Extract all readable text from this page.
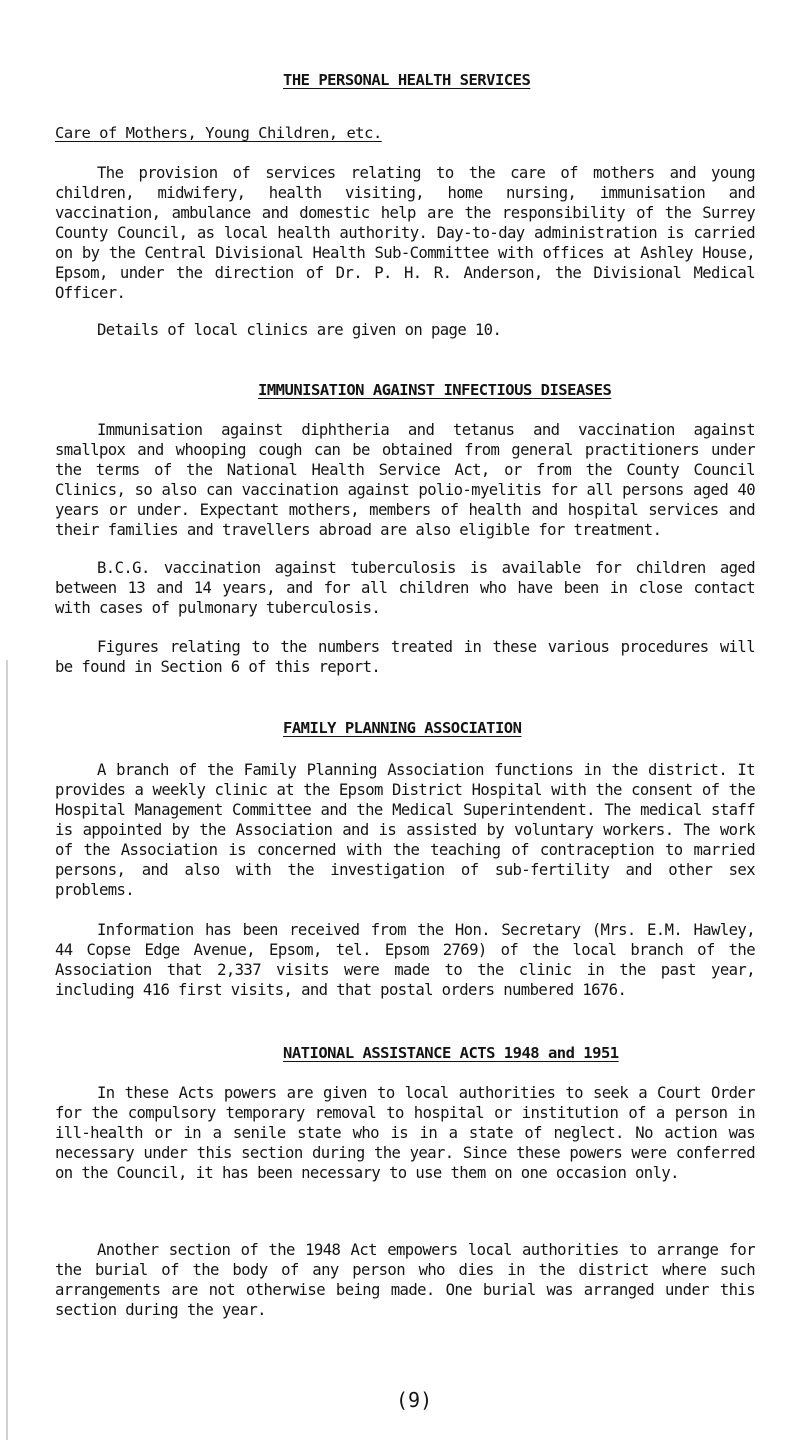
THE PERSONAL HEALTH SERVICES
Care of Mothers, Young Children, etc.
The provision of services relating to the care of mothers and young children, midwifery, health visiting, home nursing, immunisation and vaccination, ambulance and domestic help are the responsibility of the Surrey County Council, as local health authority. Day-to-day administration is carried on by the Central Divisional Health Sub-Committee with offices at Ashley House, Epsom, under the direction of Dr. P. H. R. Anderson, the Divisional Medical Officer.
Details of local clinics are given on page 10.
IMMUNISATION AGAINST INFECTIOUS DISEASES
Immunisation against diphtheria and tetanus and vaccination against smallpox and whooping cough can be obtained from general practitioners under the terms of the National Health Service Act, or from the County Council Clinics, so also can vaccination against polio-myelitis for all persons aged 40 years or under. Expectant mothers, members of health and hospital services and their families and travellers abroad are also eligible for treatment.
B.C.G. vaccination against tuberculosis is available for children aged between 13 and 14 years, and for all children who have been in close contact with cases of pulmonary tuberculosis.
Figures relating to the numbers treated in these various procedures will be found in Section 6 of this report.
FAMILY PLANNING ASSOCIATION
A branch of the Family Planning Association functions in the district. It provides a weekly clinic at the Epsom District Hospital with the consent of the Hospital Management Committee and the Medical Superintendent. The medical staff is appointed by the Association and is assisted by voluntary workers. The work of the Association is concerned with the teaching of contraception to married persons, and also with the investigation of sub-fertility and other sex problems.
Information has been received from the Hon. Secretary (Mrs. E.M. Hawley, 44 Copse Edge Avenue, Epsom, tel. Epsom 2769) of the local branch of the Association that 2,337 visits were made to the clinic in the past year, including 416 first visits, and that postal orders numbered 1676.
NATIONAL ASSISTANCE ACTS 1948 and 1951
In these Acts powers are given to local authorities to seek a Court Order for the compulsory temporary removal to hospital or institution of a person in ill-health or in a senile state who is in a state of neglect. No action was necessary under this section during the year. Since these powers were conferred on the Council, it has been necessary to use them on one occasion only.
Another section of the 1948 Act empowers local authorities to arrange for the burial of the body of any person who dies in the district where such arrangements are not otherwise being made. One burial was arranged under this section during the year.
(9)
